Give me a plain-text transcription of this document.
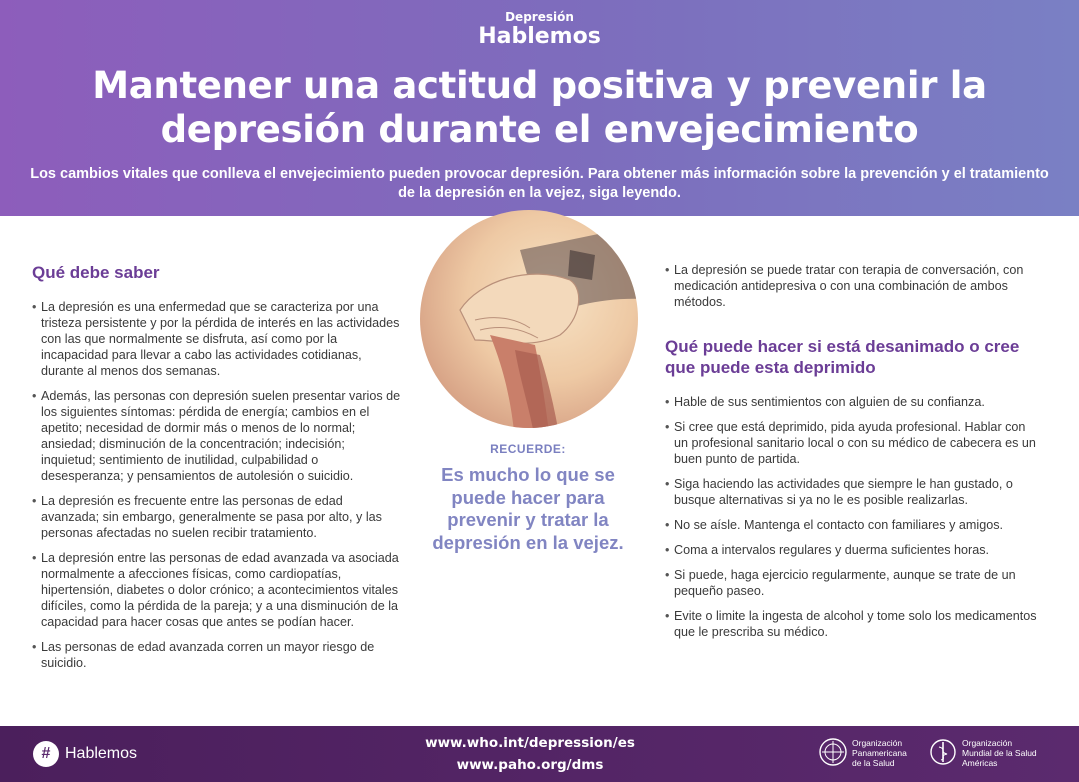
Depresión
Hablemos
Mantener una actitud positiva y prevenir la depresión durante el envejecimiento
Los cambios vitales que conlleva el envejecimiento pueden provocar depresión. Para obtener más información sobre la prevención y el tratamiento de la depresión en la vejez, siga leyendo.
Qué debe saber
• La depresión es una enfermedad que se caracteriza por una tristeza persistente y por la pérdida de interés en las actividades con las que normalmente se disfruta, así como por la incapacidad para llevar a cabo las actividades cotidianas, durante al menos dos semanas.
• Además, las personas con depresión suelen presentar varios de los siguientes síntomas: pérdida de energía; cambios en el apetito; necesidad de dormir más o menos de lo normal; ansiedad; disminución de la concentración; indecisión; inquietud; sentimiento de inutilidad, culpabilidad o desesperanza; y pensamientos de autolesión o suicidio.
• La depresión es frecuente entre las personas de edad avanzada; sin embargo, generalmente se pasa por alto, y las personas afectadas no suelen recibir tratamiento.
• La depresión entre las personas de edad avanzada va asociada normalmente a afecciones físicas, como cardiopatías, hipertensión, diabetes o dolor crónico; a acontecimientos vitales difíciles, como la pérdida de la pareja; y a una disminución de la capacidad para hacer cosas que antes se podían hacer.
• Las personas de edad avanzada corren un mayor riesgo de suicidio.
RECUERDE:
Es mucho lo que se puede hacer para prevenir y tratar la depresión en la vejez.
• La depresión se puede tratar con terapia de conversación, con medicación antidepresiva o con una combinación de ambos métodos.
Qué puede hacer si está desanimado o cree que puede esta deprimido
• Hable de sus sentimientos con alguien de su confianza.
• Si cree que está deprimido, pida ayuda profesional. Hablar con un profesional sanitario local o con su médico de cabecera es un buen punto de partida.
• Siga haciendo las actividades que siempre le han gustado, o busque alternativas si ya no le es posible realizarlas.
• No se aísle. Mantenga el contacto con familiares y amigos.
• Coma a intervalos regulares y duerma suficientes horas.
• Si puede, haga ejercicio regularmente, aunque se trate de un pequeño paseo.
• Evite o limite la ingesta de alcohol y tome solo los medicamentos que le prescriba su médico.
# Hablemos
www.who.int/depression/es
www.paho.org/dms
Organización
Panamericana
de la Salud
Organización
Mundial de la Salud
Américas
